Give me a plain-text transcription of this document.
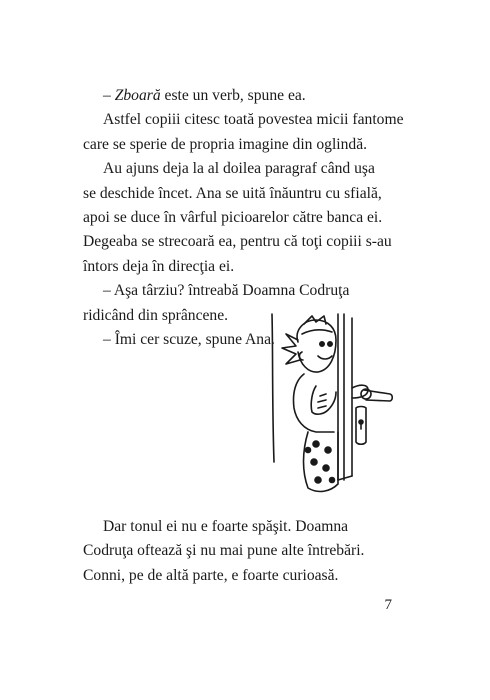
– Zboară este un verb, spune ea.
Astfel copiii citesc toată povestea micii fantome
care se sperie de propria imagine din oglindă.
Au ajuns deja la al doilea paragraf când uşa
se deschide încet. Ana se uită înăuntru cu sfială,
apoi se duce în vârful picioarelor către banca ei.
Degeaba se strecoară ea, pentru că toţi copiii s-au
întors deja în direcţia ei.
– Aşa târziu? întreabă Doamna Codruţa
ridicând din sprâncene.
– Îmi cer scuze, spune Ana.
Dar tonul ei nu e foarte spăşit. Doamna
Codruţa oftează şi nu mai pune alte întrebări.
Conni, pe de altă parte, e foarte curioasă.
7
